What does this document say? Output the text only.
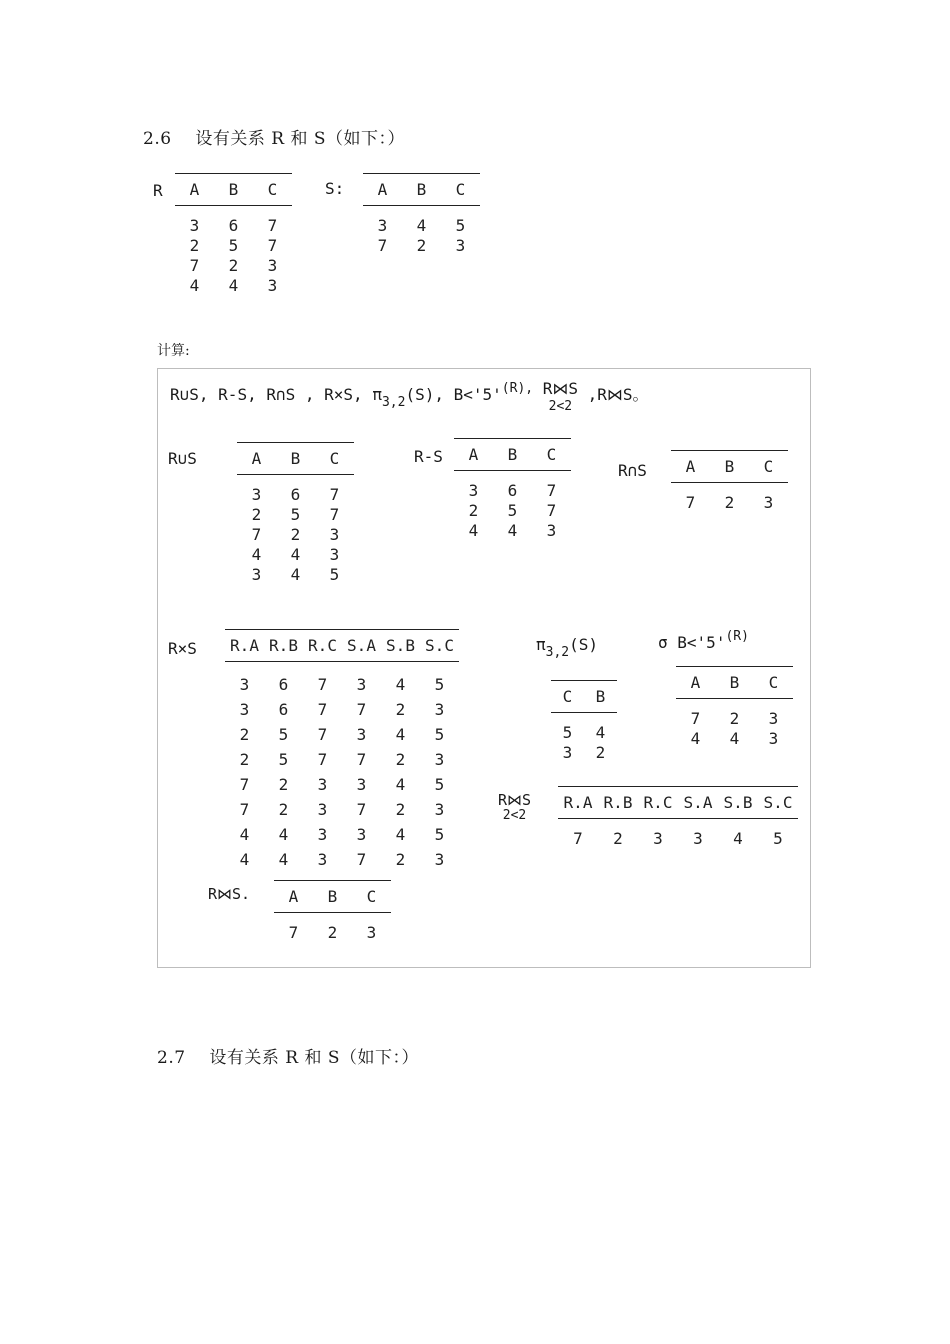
2.6 设有关系 R 和 S（如下：）
R	A	B	C
3	6	7
2	5	7
7	2	3
4	4	3
S:	A	B	C
3	4	5
7	2	3
计算:
R∪S, R-S, R∩S , R×S, $\pi_{3,2}(S)$, $B<'5'^{(R),}$ R⋈S
2<2 ,R⋈S。
R∪S	A	B	C
3	6	7
2	5	7
7	2	3
4	4	3
3	4	5
R-S	A	B	C
3	6	7
2	5	7
4	4	3
R∩S	A	B	C
7	2	3
R×S	R.A R.B R.C S.A S.B S.C
3	6	7	3	4	5
3	6	7	7	2	3
2	5	7	3	4	5
2	5	7	7	2	3
7	2	3	3	4	5
7	2	3	7	2	3
4	4	3	3	4	5
4	4	3	7	2	3
$\pi_{3,2}(S)$
C	B
5	4
3	2
σ $B<'5'^{(R)}$
A	B	C
7	2	3
4	4	3
R⋈S
2<2
R.A R.B R.C S.A S.B S.C
7	2	3	3	4	5
R⋈S.	A	B	C
7	2	3
2.7 设有关系 R 和 S（如下：）
